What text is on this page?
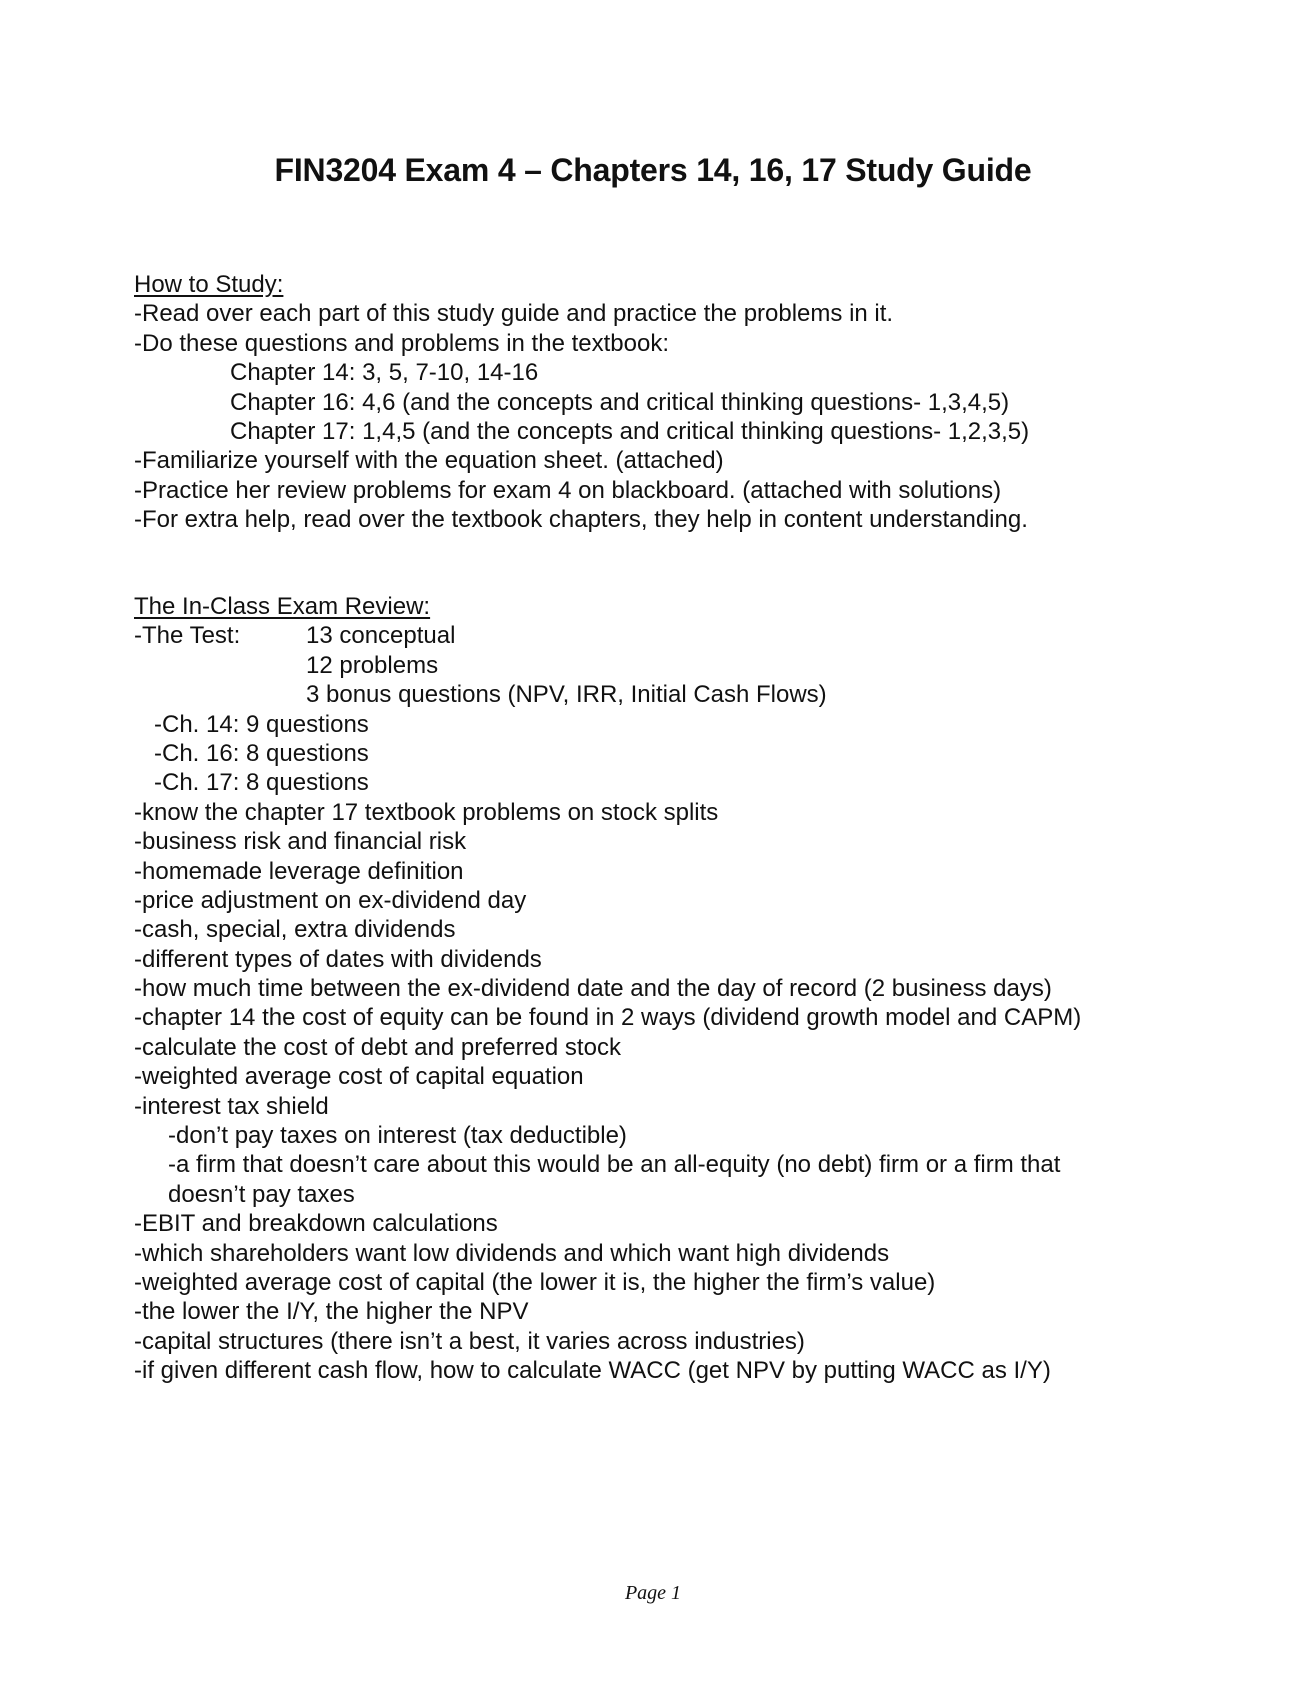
FIN3204 Exam 4 – Chapters 14, 16, 17 Study Guide
How to Study:
-Read over each part of this study guide and practice the problems in it.
-Do these questions and problems in the textbook:
Chapter 14: 3, 5, 7-10, 14-16
Chapter 16: 4,6 (and the concepts and critical thinking questions- 1,3,4,5)
Chapter 17: 1,4,5 (and the concepts and critical thinking questions- 1,2,3,5)
-Familiarize yourself with the equation sheet. (attached)
-Practice her review problems for exam 4 on blackboard. (attached with solutions)
-For extra help, read over the textbook chapters, they help in content understanding.
The In-Class Exam Review:
-The Test:	13 conceptual
12 problems
3 bonus questions (NPV, IRR, Initial Cash Flows)
-Ch. 14: 9 questions
-Ch. 16: 8 questions
-Ch. 17: 8 questions
-know the chapter 17 textbook problems on stock splits
-business risk and financial risk
-homemade leverage definition
-price adjustment on ex-dividend day
-cash, special, extra dividends
-different types of dates with dividends
-how much time between the ex-dividend date and the day of record (2 business days)
-chapter 14 the cost of equity can be found in 2 ways (dividend growth model and CAPM)
-calculate the cost of debt and preferred stock
-weighted average cost of capital equation
-interest tax shield
-don’t pay taxes on interest (tax deductible)
-a firm that doesn’t care about this would be an all-equity (no debt) firm or a firm that
doesn’t pay taxes
-EBIT and breakdown calculations
-which shareholders want low dividends and which want high dividends
-weighted average cost of capital (the lower it is, the higher the firm’s value)
-the lower the I/Y, the higher the NPV
-capital structures (there isn’t a best, it varies across industries)
-if given different cash flow, how to calculate WACC (get NPV by putting WACC as I/Y)
Page 1
